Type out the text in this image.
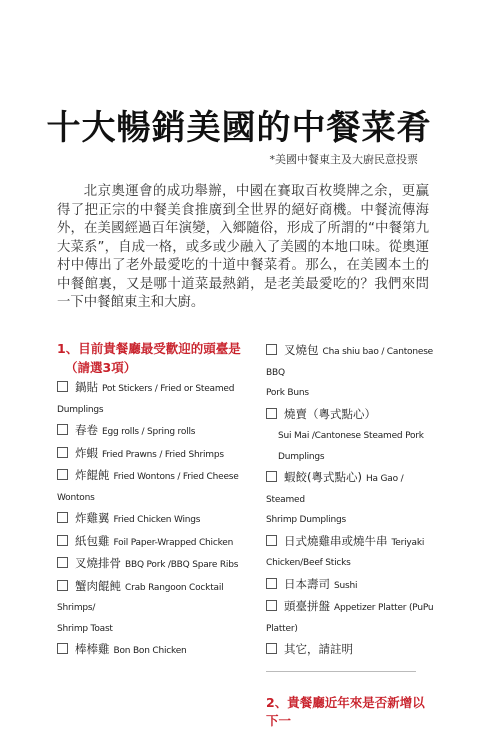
十大暢銷美國的中餐菜肴
*美國中餐東主及大廚民意投票
北京奧運會的成功舉辦，中國在賽取百枚獎牌之余，更贏得了把正宗的中餐美食推廣到全世界的絕好商機。中餐流傳海外，在美國經過百年演變，入鄉隨俗，形成了所謂的“中餐第九大菜系”，自成一格，或多或少融入了美國的本地口味。從奧運村中傳出了老外最愛吃的十道中餐菜肴。那么，在美國本土的中餐館裏，又是哪十道菜最熱銷，是老美最愛吃的？我們來問一下中餐館東主和大廚。
1、目前貴餐廳最受歡迎的頭臺是
（請選3項）
鍋貼 Pot Stickers / Fried or Steamed
Dumplings
春卷 Egg rolls / Spring rolls
炸蝦 Fried Prawns / Fried Shrimps
炸餛飩 Fried Wontons / Fried Cheese
Wontons
炸雞翼 Fried Chicken Wings
紙包雞 Foil Paper-Wrapped Chicken
叉燒排骨 BBQ Pork /BBQ Spare Ribs
蟹肉餛飩 Crab Rangoon Cocktail Shrimps/
Shrimp Toast
棒棒雞 Bon Bon Chicken
叉燒包 Cha shiu bao / Cantonese BBQ
Pork Buns
燒賣（粵式點心）
Sui Mai /Cantonese Steamed Pork Dumplings
蝦餃(粵式點心) Ha Gao / Steamed
Shrimp Dumplings
日式燒雞串或燒牛串 Teriyaki
Chicken/Beef Sticks
日本壽司 Sushi
頭臺拼盤 Appetizer Platter (PuPu Platter)
其它，請註明
2、貴餐廳近年來是否新增以下一
